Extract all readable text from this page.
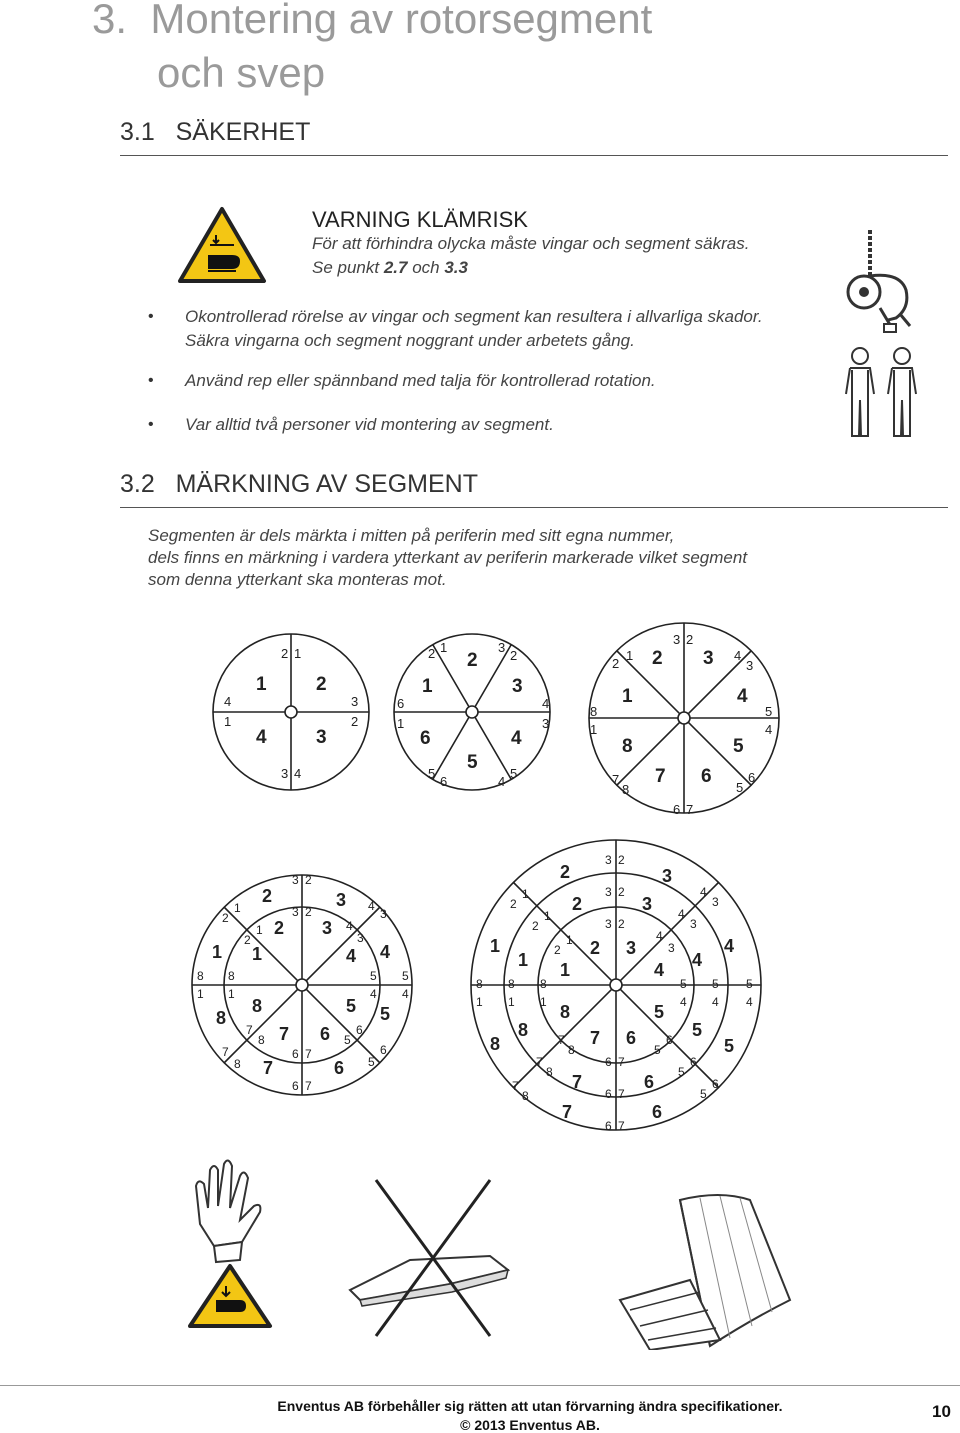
3. Montering av rotorsegment
och svep
3.1 SÄKERHET
VARNING KLÄMRISK
För att förhindra olycka måste vingar och segment säkras.
Se punkt 2.7 och 3.3
• Okontrollerad rörelse av vingar och segment kan resultera i allvarliga skador.
Säkra vingarna och segment noggrant under arbetets gång.
• Använd rep eller spännband med talja för kontrollerad rotation.
• Var alltid två personer vid montering av segment.
3.2 MÄRKNING AV SEGMENT
Segmenten är dels märkta i mitten på periferin med sitt egna nummer,
dels finns en märkning i vardera ytterkant av periferin markerade vilket segment
som denna ytterkant ska monteras mot.
2 1
4
1
3
2
3 4
1	2
4	3
2 1	3
2
6
1
4
3
5
6	4
5
1
2
3
6
5
4
3 2
2
1	4
3
8
1
5
4
7
8	5
6
6 7
2 3
1	4
8	5
7 6
3 2
3 2
2
1
2
1
4
3
4
3
8
1
8
1
5
4
5
4
7
8
7
8	5
6
5
6
6 7
6 7
2	3
2 3
1 1	4
4
8	5
8	5
7 6
7	6
3 2
3 2
3 2
2
1
2
1
2
1
4
3
4
3
4
3
8
1
8
1
8
1
5
4
5
4
5
4
7
8
7
8
7
8
5
6
5
6
5
6
6 7
6 7
6 7
2	3
2	3
2 3
1
1 1
4
4
4
8	5
8	5
8	5
7 6
7	6
7	6
Enventus AB förbehåller sig rätten att utan förvarning ändra specifikationer.
© 2013 Enventus AB.
10
